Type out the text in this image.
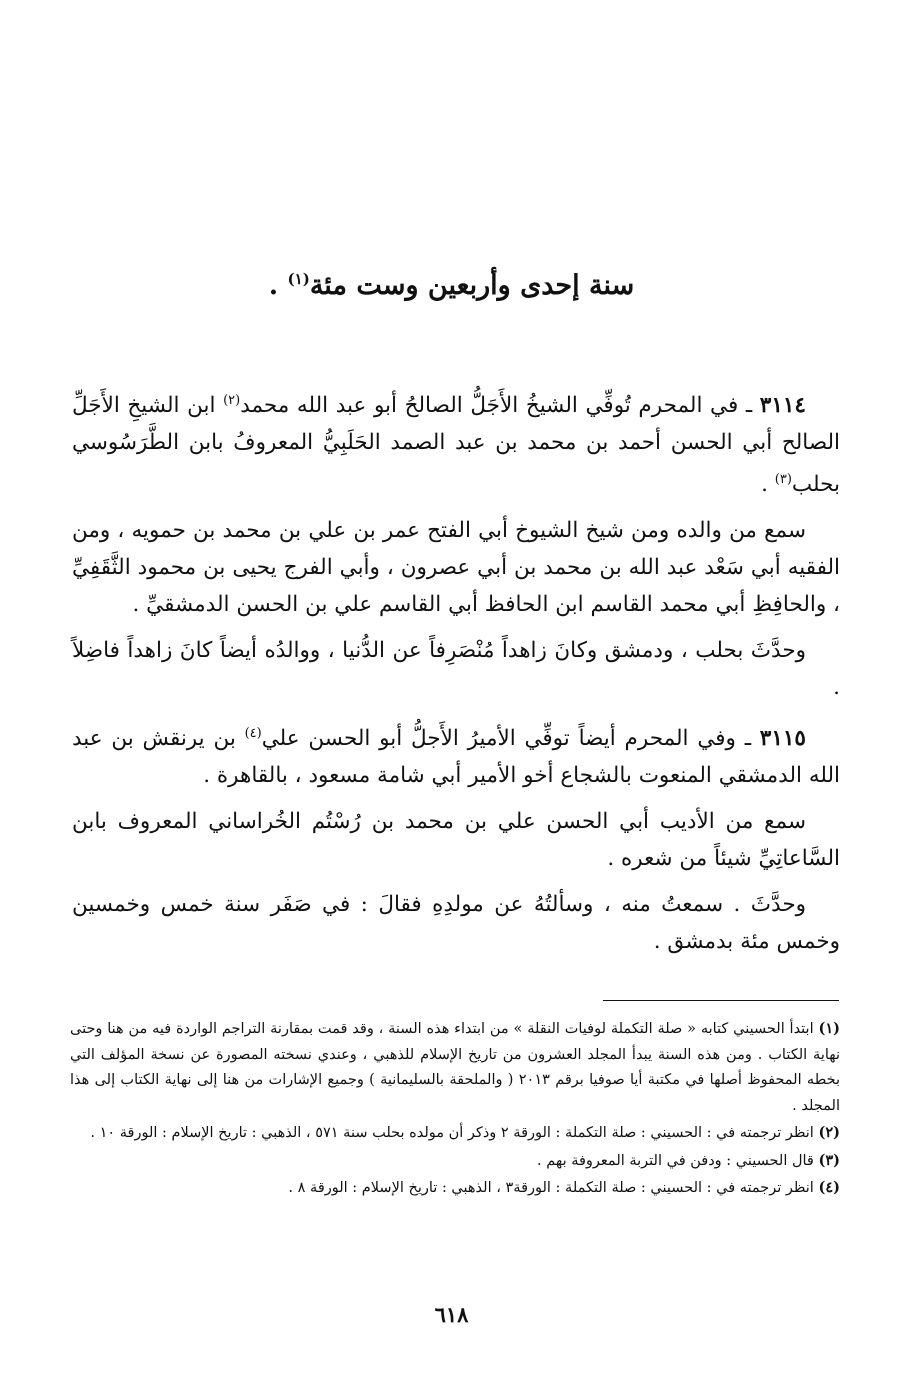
سنة إحدى وأربعين وست مئة$^{(١)}$ .

٣١١٤ ـ في المحرم تُوفِّي الشيخُ الأَجَلُّ الصالحُ أبو عبد الله محمد$^{(٢)}$ ابن الشيخِ الأَجَلِّ الصالح أبي الحسن أحمد بن محمد بن عبد الصمد الحَلَبِيُّ المعروفُ بابن الطَّرَسُوسي بحلب$^{(٣)}$ .

سمع من والده ومن شيخ الشيوخ أبي الفتح عمر بن علي بن محمد بن حمويه ، ومن الفقيه أبي سَعْد عبد الله بن محمد بن أبي عصرون ، وأبي الفرج يحيى بن محمود الثَّقَفِيِّ ، والحافِظِ أبي محمد القاسم ابن الحافظ أبي القاسم علي بن الحسن الدمشقيِّ .

وحدَّثَ بحلب ، ودمشق وكانَ زاهداً مُنْصَرِفاً عن الدُّنيا ، ووالدُه أيضاً كانَ زاهداً فاضِلاً .

٣١١٥ ـ وفي المحرم أيضاً توفِّي الأميرُ الأَجلُّ أبو الحسن علي$^{(٤)}$ بن يرنقش بن عبد الله الدمشقي المنعوت بالشجاع أخو الأمير أبي شامة مسعود ، بالقاهرة .

سمع من الأديب أبي الحسن علي بن محمد بن رُسْتُم الخُراساني المعروف بابن السَّاعاتِيِّ شيئاً من شعره .

وحدَّثَ . سمعتُ منه ، وسألتُهُ عن مولدِهِ فقالَ : في صَفَر سنة خمس وخمسين وخمس مئة بدمشق .

(١) ابتدأ الحسيني كتابه « صلة التكملة لوفيات النقلة » من ابتداء هذه السنة ، وقد قمت بمقارنة التراجم الواردة فيه من هنا وحتى نهاية الكتاب . ومن هذه السنة يبدأ المجلد العشرون من تاريخ الإسلام للذهبي ، وعندي نسخته المصورة عن نسخة المؤلف التي بخطه المحفوظ أصلها في مكتبة أيا صوفيا برقم ٢٠١٣ ( والملحقة بالسليمانية ) وجميع الإشارات من هنا إلى نهاية الكتاب إلى هذا المجلد .
(٢) انظر ترجمته في : الحسيني : صلة التكملة : الورقة ٢ وذكر أن مولده بحلب سنة ٥٧١ ، الذهبي : تاريخ الإسلام : الورقة ١٠ .
(٣) قال الحسيني : ودفن في التربة المعروفة بهم .
(٤) انظر ترجمته في : الحسيني : صلة التكملة : الورقة٣ ، الذهبي : تاريخ الإسلام : الورقة ٨ .
٦١٨
